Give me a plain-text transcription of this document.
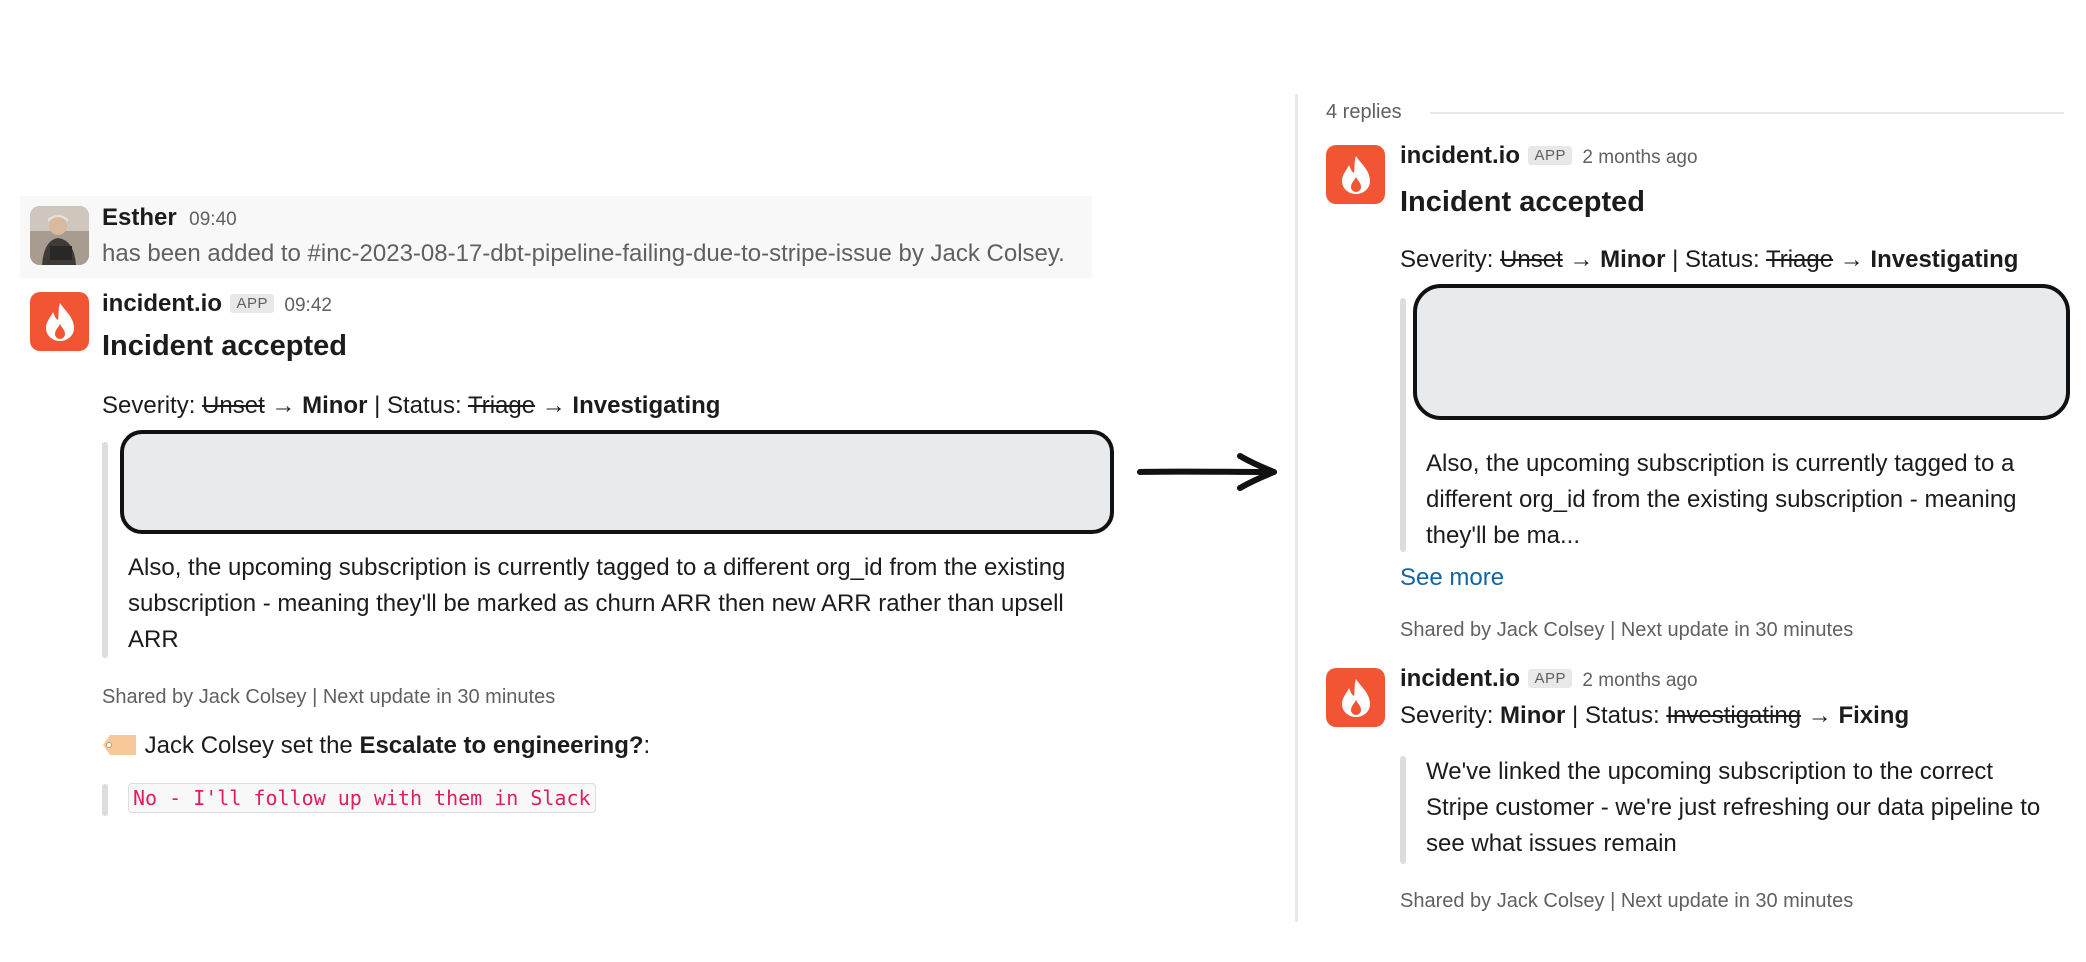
Esther 09:40
has been added to #inc-2023-08-17-dbt-pipeline-failing-due-to-stripe-issue by Jack Colsey.
incident.io APP 09:42
Incident accepted
Severity: Unset → Minor | Status: Triage → Investigating
Also, the upcoming subscription is currently tagged to a different org_id from the existing
subscription - meaning they'll be marked as churn ARR then new ARR rather than upsell
ARR
Shared by Jack Colsey | Next update in 30 minutes
Jack Colsey set the Escalate to engineering?:
No - I'll follow up with them in Slack
4 replies
incident.io APP 2 months ago
Incident accepted
Severity: Unset → Minor | Status: Triage → Investigating
Also, the upcoming subscription is currently tagged to a
different org_id from the existing subscription - meaning
they'll be ma...
See more
Shared by Jack Colsey | Next update in 30 minutes
incident.io APP 2 months ago
Severity: Minor | Status: Investigating → Fixing
We've linked the upcoming subscription to the correct
Stripe customer - we're just refreshing our data pipeline to
see what issues remain
Shared by Jack Colsey | Next update in 30 minutes
